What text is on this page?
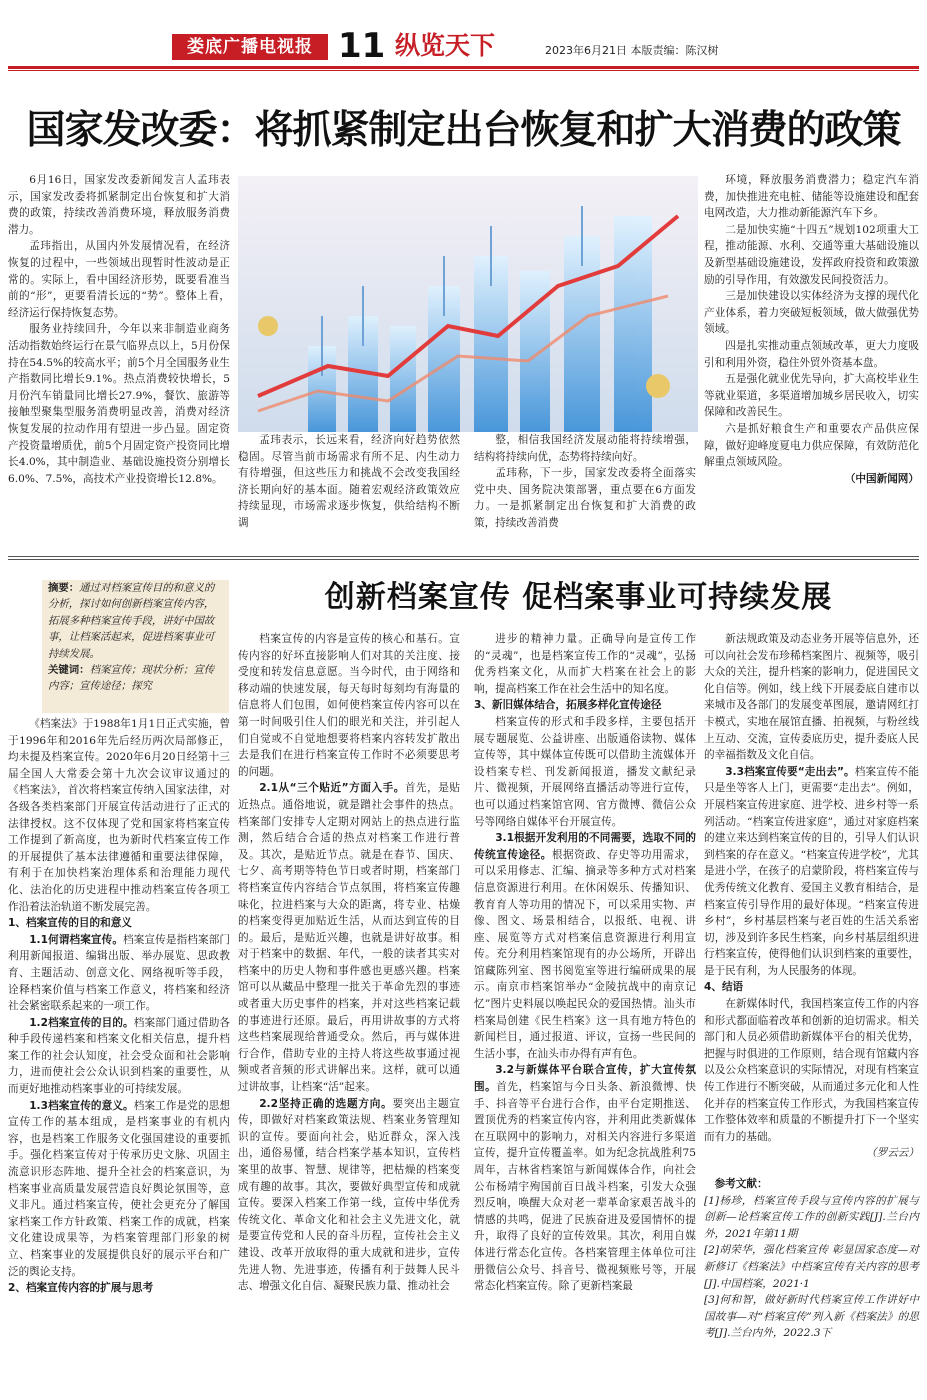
娄底广播电视报 11 纵览天下	2023年6月21日 本版责编：陈汉树
国家发改委：将抓紧制定出台恢复和扩大消费的政策

6月16日，国家发改委新闻发言人孟玮表示，国家发改委将抓紧制定出台恢复和扩大消费的政策，持续改善消费环境，释放服务消费潜力。

孟玮指出，从国内外发展情况看，在经济恢复的过程中，一些领域出现暂时性波动是正常的。实际上，看中国经济形势，既要看准当前的“形”，更要看清长远的“势”。整体上看，经济运行保持恢复态势。

服务业持续回升，今年以来非制造业商务活动指数始终运行在景气临界点以上，5月份保持在54.5%的较高水平；前5个月全国服务业生产指数同比增长9.1%。热点消费较快增长，5月份汽车销量同比增长27.9%，餐饮、旅游等接触型聚集型服务消费明显改善，消费对经济恢复发展的拉动作用有望进一步凸显。固定资产投资量增质优，前5个月固定资产投资同比增长4.0%，其中制造业、基础设施投资分别增长6.0%、7.5%，高技术产业投资增长12.8%。

孟玮表示，长远来看，经济向好趋势依然稳固。尽管当前市场需求有所不足、内生动力有待增强，但这些压力和挑战不会改变我国经济长期向好的基本面。随着宏观经济政策效应持续显现，市场需求逐步恢复，供给结构不断调

整，相信我国经济发展动能将持续增强，结构将持续向优，态势将持续向好。

孟玮称，下一步，国家发改委将全面落实党中央、国务院决策部署，重点要在6方面发力。一是抓紧制定出台恢复和扩大消费的政策，持续改善消费

环境，释放服务消费潜力；稳定汽车消费，加快推进充电桩、储能等设施建设和配套电网改造，大力推动新能源汽车下乡。

二是加快实施“十四五”规划102项重大工程，推动能源、水利、交通等重大基础设施以及新型基础设施建设，发挥政府投资和政策激励的引导作用，有效激发民间投资活力。

三是加快建设以实体经济为支撑的现代化产业体系，着力突破短板领域，做大做强优势领域。

四是扎实推动重点领域改革，更大力度吸引和利用外资，稳住外贸外资基本盘。

五是强化就业优先导向，扩大高校毕业生等就业渠道，多渠道增加城乡居民收入，切实保障和改善民生。

六是抓好粮食生产和重要农产品供应保障，做好迎峰度夏电力供应保障，有效防范化解重点领域风险。

（中国新闻网）

摘要：通过对档案宣传目的和意义的分析，探讨如何创新档案宣传内容，拓展多种档案宣传手段，讲好中国故事，让档案活起来，促进档案事业可持续发展。
关键词：档案宣传；现状分析；宣传内容；宣传途径；探究
创新档案宣传 促档案事业可持续发展

《档案法》于1988年1月1日正式实施，曾于1996年和2016年先后经历两次局部修正，均未提及档案宣传。2020年6月20日经第十三届全国人大常委会第十九次会议审议通过的《档案法》，首次将档案宣传纳入国家法律，对各级各类档案部门开展宣传活动进行了正式的法律授权。这不仅体现了党和国家将档案宣传工作提到了新高度，也为新时代档案宣传工作的开展提供了基本法律遵循和重要法律保障，有利于在加快档案治理体系和治理能力现代化、法治化的历史进程中推动档案宣传各项工作沿着法治轨道不断发展完善。

1、档案宣传的目的和意义

1.1何谓档案宣传。档案宣传是指档案部门利用新闻报道、编辑出版、举办展览、思政教育、主题活动、创意文化、网络视听等手段，诠释档案价值与档案工作意义，将档案和经济社会紧密联系起来的一项工作。

1.2档案宣传的目的。档案部门通过借助各种手段传递档案和档案文化相关信息，提升档案工作的社会认知度，社会受众面和社会影响力，进而使社会公众认识到档案的重要性，从而更好地推动档案事业的可持续发展。

1.3档案宣传的意义。档案工作是党的思想宣传工作的基本组成，是档案事业的有机内容，也是档案工作服务文化强国建设的重要抓手。强化档案宣传对于传承历史文脉、巩固主流意识形态阵地、提升全社会的档案意识，为档案事业高质量发展营造良好舆论氛围等，意义非凡。通过档案宣传，使社会更充分了解国家档案工作方针政策、档案工作的成就，档案文化建设成果等，为档案管理部门形象的树立、档案事业的发展提供良好的展示平台和广泛的舆论支持。

2、档案宣传内容的扩展与思考

档案宣传的内容是宣传的核心和基石。宣传内容的好坏直接影响人们对其的关注度、接受度和转发信息意愿。当今时代，由于网络和移动端的快速发展，每天每时每刻均有海量的信息将人们包围，如何使档案宣传内容可以在第一时间吸引住人们的眼光和关注，并引起人们自觉或不自觉地想要将档案内容转发扩散出去是我们在进行档案宣传工作时不必须要思考的问题。

2.1从“三个贴近”方面入手。首先，是贴近热点。通俗地说，就是蹭社会事件的热点。档案部门安排专人定期对网站上的热点进行监测，然后结合合适的热点对档案工作进行普及。其次，是贴近节点。就是在春节、国庆、七夕、高考期等特色节日或者时期，档案部门将档案宣传内容结合节点氛围，将档案宣传趣味化，拉进档案与大众的距离，将专业、枯燥的档案变得更加贴近生活，从而达到宣传的目的。最后，是贴近兴趣，也就是讲好故事。相对于档案中的数据、年代，一般的读者其实对档案中的历史人物和事件感也更感兴趣。档案馆可以从藏品中整理一批关于革命先烈的事迹或者重大历史事件的档案，并对这些档案记载的事迹进行还原。最后，再用讲故事的方式将这些档案展现给普通受众。然后，再与媒体进行合作，借助专业的主持人将这些故事通过视频或者音频的形式讲解出来。这样，就可以通过讲故事，让档案“活”起来。

2.2坚持正确的选题方向。要突出主题宣传，即做好对档案政策法规、档案业务管理知识的宣传。要面向社会，贴近群众，深入浅出，通俗易懂，结合档案学基本知识，宣传档案里的故事、智慧、规律等，把枯燥的档案变成有趣的故事。其次，要做好典型宣传和成就宣传。要深入档案工作第一线，宣传中华优秀传统文化、革命文化和社会主义先进文化，就是要宣传党和人民的奋斗历程，宣传社会主义建设、改革开放取得的重大成就和进步，宣传先进人物、先进事迹，传播有利于鼓舞人民斗志、增强文化自信、凝聚民族力量、推动社会

进步的精神力量。正确导向是宣传工作的“灵魂”，也是档案宣传工作的“灵魂”，弘扬优秀档案文化，从而扩大档案在社会上的影响，提高档案工作在社会生活中的知名度。

3、新旧媒体结合，拓展多样化宣传途径

档案宣传的形式和手段多样，主要包括开展专题展览、公益讲座、出版通俗读物、媒体宣传等，其中媒体宣传既可以借助主流媒体开设档案专栏、刊发新闻报道，播发文献纪录片、微视频，开展网络直播活动等进行宣传，也可以通过档案馆官网、官方微博、微信公众号等网络自媒体平台开展宣传。

3.1根据开发利用的不同需要，选取不同的传统宣传途径。根据资政、存史等功用需求，可以采用修志、汇编、摘录等多种方式对档案信息资源进行利用。在休闲娱乐、传播知识、教育育人等功用的情况下，可以采用实物、声像、图文、场景相结合，以报纸、电视、讲座、展览等方式对档案信息资源进行利用宣传。充分利用档案馆现有的办公场所，开辟出馆藏陈列室、图书阅览室等进行编研成果的展示。南京市档案馆举办“金陵抗战中的南京记忆”图片史料展以唤起民众的爱国热情。汕头市档案局创建《民生档案》这一具有地方特色的新闻栏目，通过报道、评议，宣扬一些民间的生活小事，在汕头市办得有声有色。

3.2与新媒体平台联合宣传，扩大宣传氛围。首先，档案馆与今日头条、新浪微博、快手、抖音等平台进行合作，由平台定期推送、置顶优秀的档案宣传内容，并利用此类新媒体在互联网中的影响力，对相关内容进行多渠道宣传，提升宣传覆盖率。如为纪念抗战胜利75周年，吉林省档案馆与新闻媒体合作，向社会公布杨靖宇殉国前百日战斗档案，引发大众强烈反响，唤醒大众对老一辈革命家艰苦战斗的情感的共鸣，促进了民族奋进及爱国情怀的提升，取得了良好的宣传效果。其次，利用自媒体进行常态化宣传。各档案管理主体单位可注册微信公众号、抖音号、微视频账号等，开展常态化档案宣传。除了更新档案最

新法规政策及动态业务开展等信息外，还可以向社会发布珍稀档案图片、视频等，吸引大众的关注，提升档案的影响力，促进国民文化自信等。例如，线上线下开展委底自建市以来城市及各部门的发展变革图展，邀请网红打卡模式，实地在展馆直播、拍视频，与粉丝线上互动、交流，宣传委底历史，提升委底人民的幸福指数及文化自信。

3.3档案宣传要“走出去”。档案宣传不能只是坐等客人上门，更需要“走出去”。例如，开展档案宣传进家庭、进学校、进乡村等一系列活动。“档案宣传进家庭”，通过对家庭档案的建立来达到档案宣传的目的，引导人们认识到档案的存在意义。“档案宣传进学校”，尤其是进小学，在孩子的启蒙阶段，将档案宣传与优秀传统文化教育、爱国主义教育相结合，是档案宣传引导作用的最好体现。“档案宣传进乡村”，乡村基层档案与老百姓的生活关系密切，涉及到许多民生档案，向乡村基层组织进行档案宣传，使得他们认识到档案的重要性，是于民有利，为人民服务的体现。

4、结语

在新媒体时代，我国档案宣传工作的内容和形式都面临着改革和创新的迫切需求。相关部门和人员必须借助新媒体平台的相关优势，把握与时俱进的工作原则，结合现有馆藏内容以及公众档案意识的实际情况，对现有档案宣传工作进行不断突破，从而通过多元化和人性化并存的档案宣传工作形式，为我国档案宣传工作整体效率和质量的不断提升打下一个坚实而有力的基础。

（罗云云）

参考文献：

[1]杨珍，档案宣传手段与宣传内容的扩展与创新—论档案宣传工作的创新实践[J].兰台内外，2021年第11期

[2]胡荣华，强化档案宣传 彰显国家态度—对新修订《档案法》中档案宣传有关内容的思考[J].中国档案，2021·1

[3]何和智，做好新时代档案宣传工作讲好中国故事—对“档案宣传”列入新《档案法》的思考[J].兰台内外，2022.3下
